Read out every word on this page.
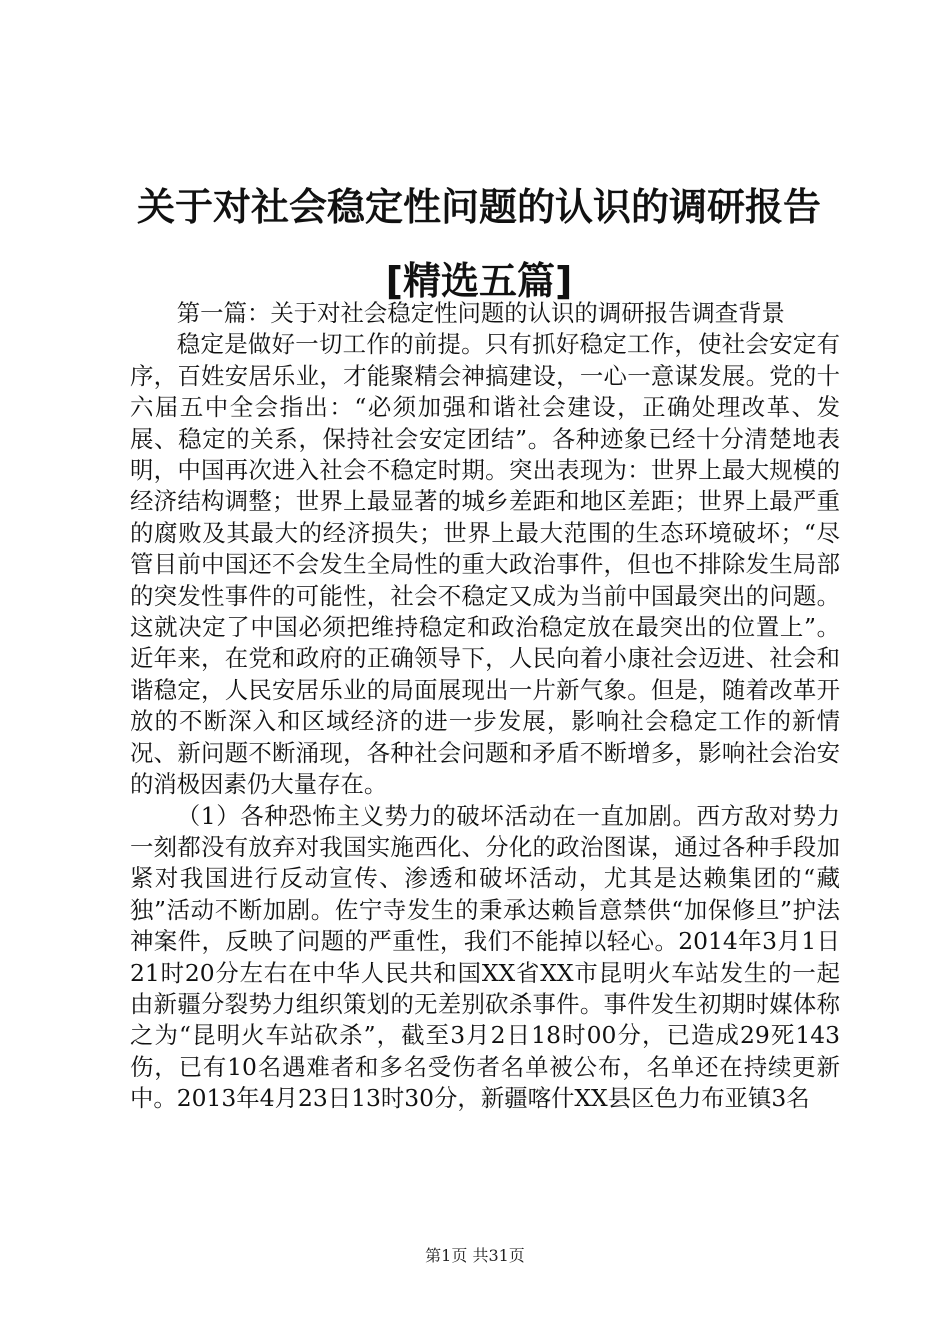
关于对社会稳定性问题的认识的调研报告[精选五篇]

第一篇：关于对社会稳定性问题的认识的调研报告调查背景

稳定是做好一切工作的前提。只有抓好稳定工作，使社会安定有序，百姓安居乐业，才能聚精会神搞建设，一心一意谋发展。党的十六届五中全会指出：“必须加强和谐社会建设，正确处理改革、发展、稳定的关系，保持社会安定团结”。各种迹象已经十分清楚地表明，中国再次进入社会不稳定时期。突出表现为：世界上最大规模的经济结构调整；世界上最显著的城乡差距和地区差距；世界上最严重的腐败及其最大的经济损失；世界上最大范围的生态环境破坏；“尽管目前中国还不会发生全局性的重大政治事件，但也不排除发生局部的突发性事件的可能性，社会不稳定又成为当前中国最突出的问题。这就决定了中国必须把维持稳定和政治稳定放在最突出的位置上”。近年来，在党和政府的正确领导下，人民向着小康社会迈进、社会和谐稳定，人民安居乐业的局面展现出一片新气象。但是，随着改革开放的不断深入和区域经济的进一步发展，影响社会稳定工作的新情况、新问题不断涌现，各种社会问题和矛盾不断增多，影响社会治安的消极因素仍大量存在。

（1）各种恐怖主义势力的破坏活动在一直加剧。西方敌对势力一刻都没有放弃对我国实施西化、分化的政治图谋，通过各种手段加紧对我国进行反动宣传、渗透和破坏活动，尤其是达赖集团的“藏独”活动不断加剧。佐宁寺发生的秉承达赖旨意禁供“加保修旦”护法神案件，反映了问题的严重性，我们不能掉以轻心。2014年3月1日21时20分左右在中华人民共和国XX省XX市昆明火车站发生的一起由新疆分裂势力组织策划的无差别砍杀事件。事件发生初期时媒体称之为“昆明火车站砍杀”，截至3月2日18时00分，已造成29死143伤，已有10名遇难者和多名受伤者名单被公布，名单还在持续更新中。2013年4月23日13时30分，新疆喀什XX县区色力布亚镇3名

第1页 共31页
